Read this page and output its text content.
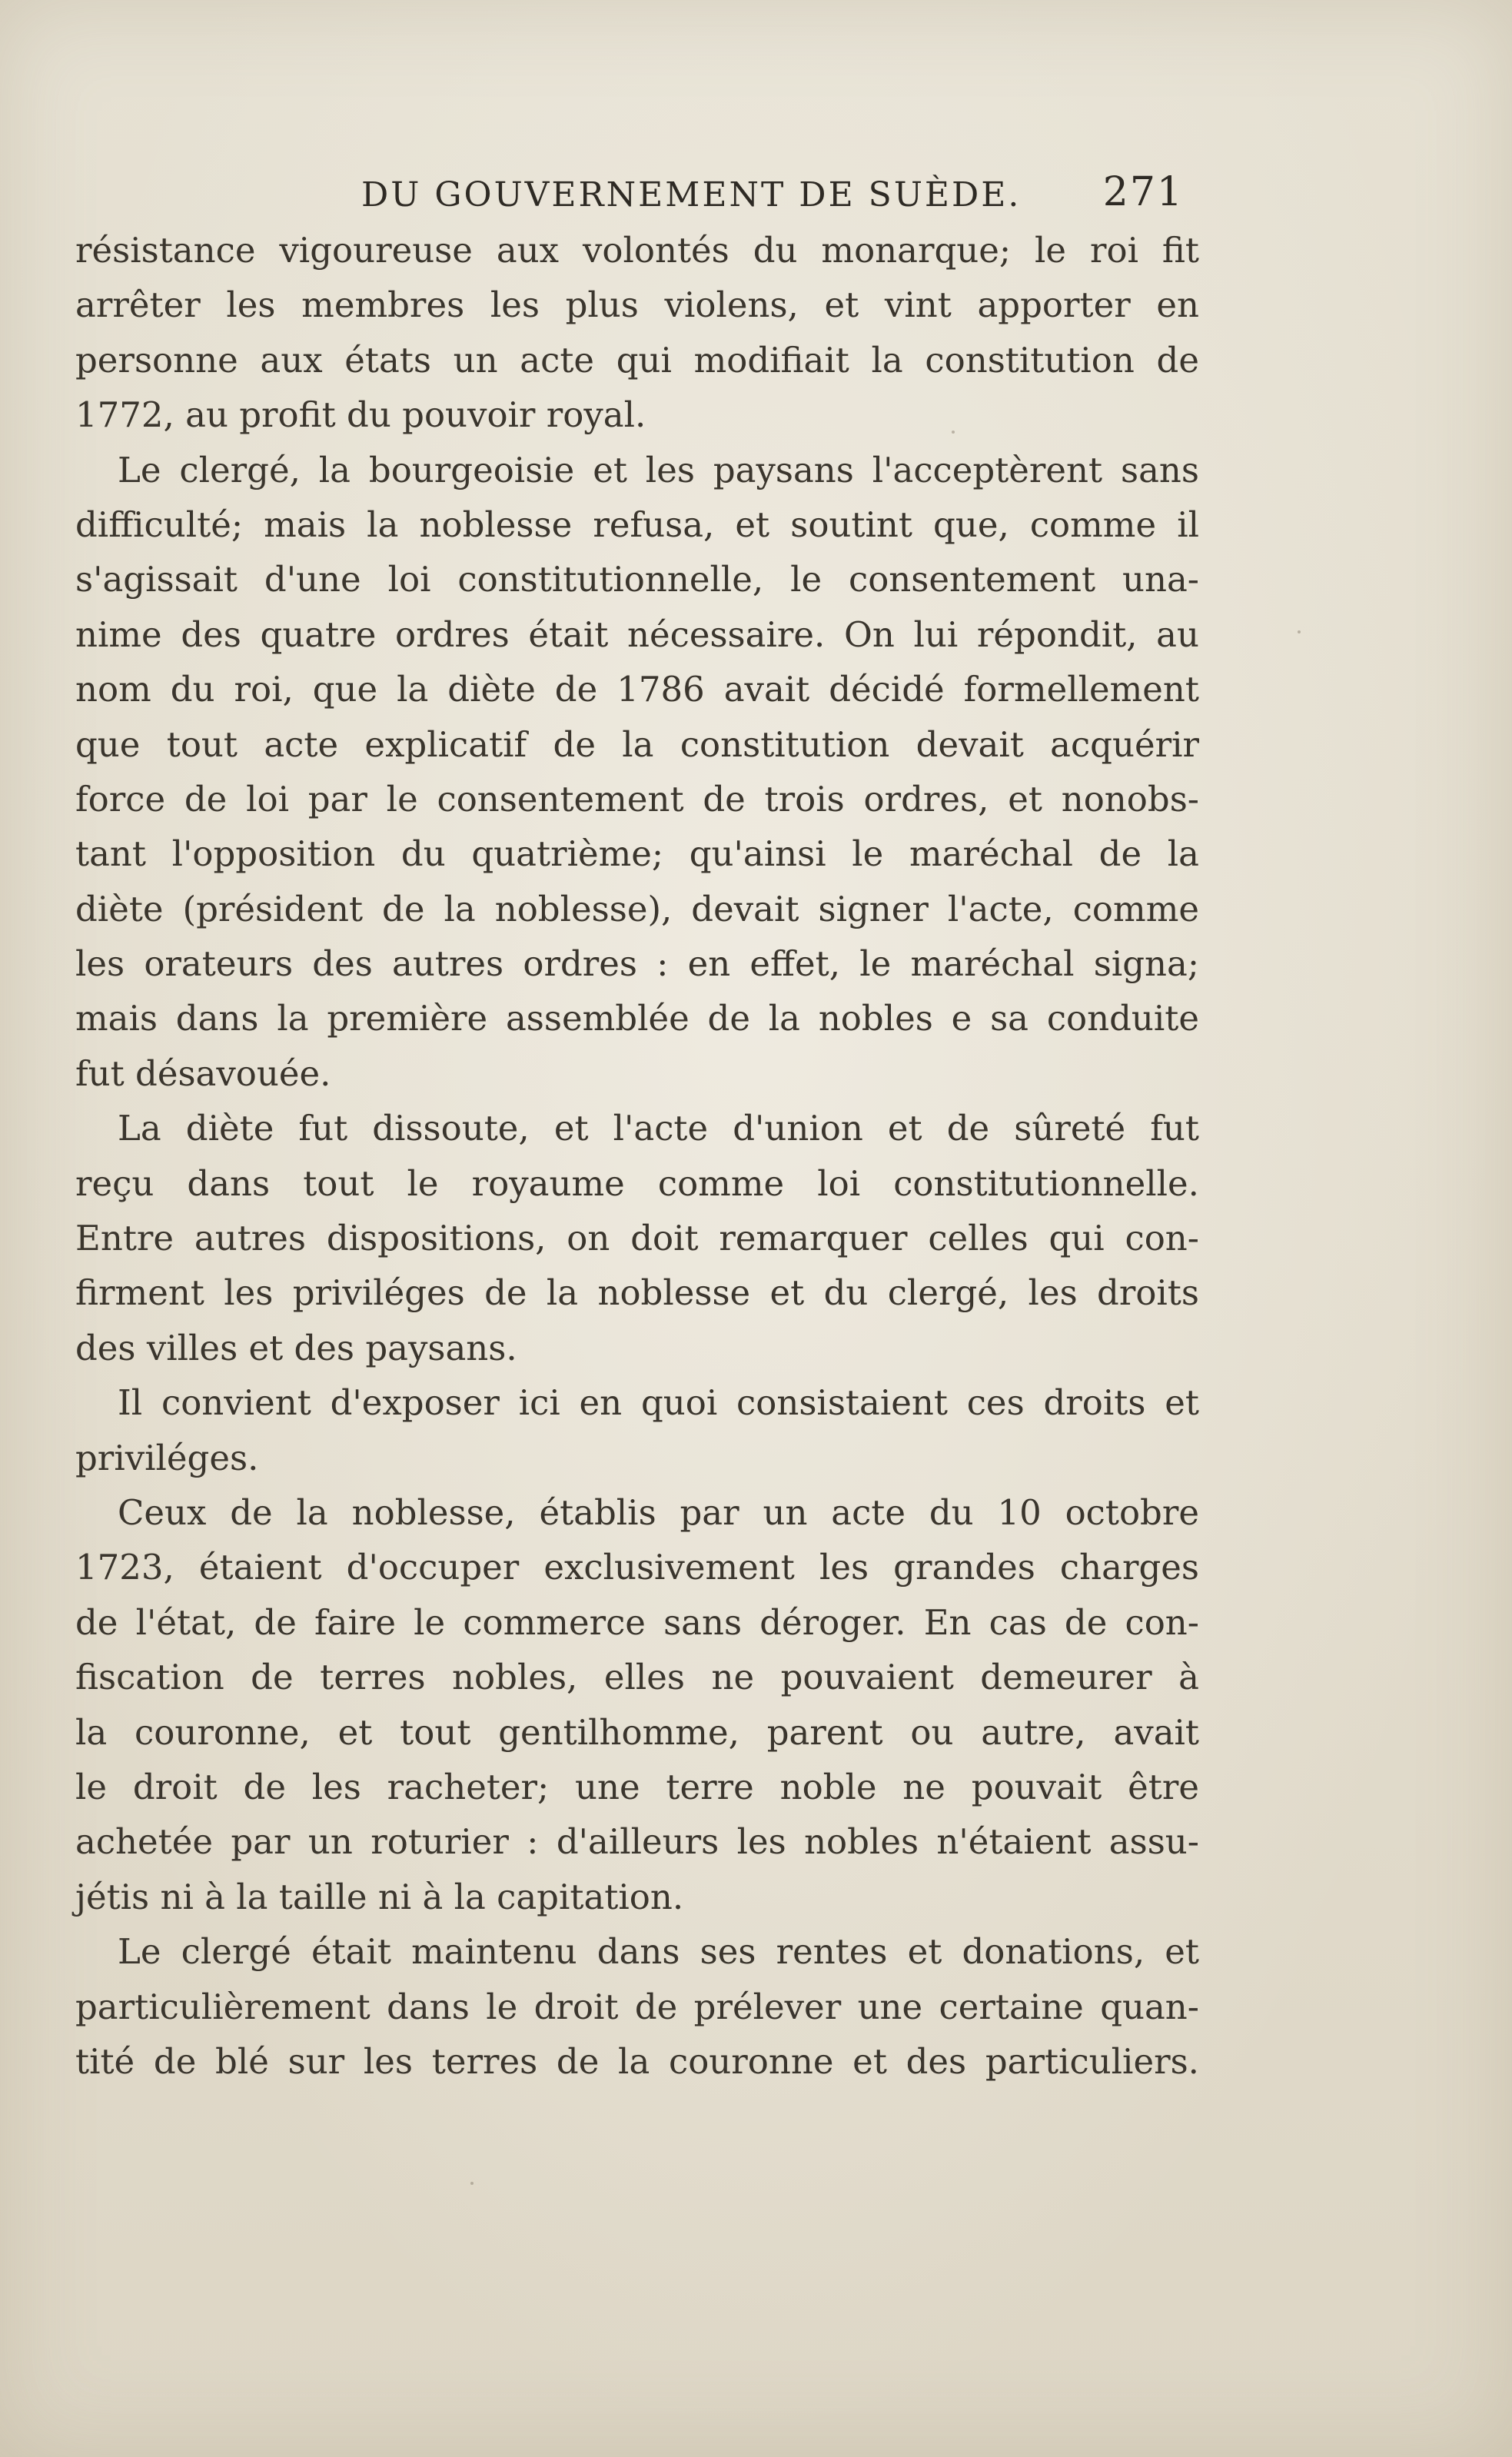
DU GOUVERNEMENT DE SUÈDE. 271
résistance vigoureuse aux volontés du monarque; le roi fit
arrêter les membres les plus violens, et vint apporter en
personne aux états un acte qui modifiait la constitution de
1772, au profit du pouvoir royal.
Le clergé, la bourgeoisie et les paysans l'acceptèrent sans
difficulté; mais la noblesse refusa, et soutint que, comme il
s'agissait d'une loi constitutionnelle, le consentement una-
nime des quatre ordres était nécessaire. On lui répondit, au
nom du roi, que la diète de 1786 avait décidé formellement
que tout acte explicatif de la constitution devait acquérir
force de loi par le consentement de trois ordres, et nonobs-
tant l'opposition du quatrième; qu'ainsi le maréchal de la
diète (président de la noblesse), devait signer l'acte, comme
les orateurs des autres ordres : en effet, le maréchal signa;
mais dans la première assemblée de la nobles e sa conduite
fut désavouée.
La diète fut dissoute, et l'acte d'union et de sûreté fut
reçu dans tout le royaume comme loi constitutionnelle.
Entre autres dispositions, on doit remarquer celles qui con-
firment les priviléges de la noblesse et du clergé, les droits
des villes et des paysans.
Il convient d'exposer ici en quoi consistaient ces droits et
priviléges.
Ceux de la noblesse, établis par un acte du 10 octobre
1723, étaient d'occuper exclusivement les grandes charges
de l'état, de faire le commerce sans déroger. En cas de con-
fiscation de terres nobles, elles ne pouvaient demeurer à
la couronne, et tout gentilhomme, parent ou autre, avait
le droit de les racheter; une terre noble ne pouvait être
achetée par un roturier : d'ailleurs les nobles n'étaient assu-
jétis ni à la taille ni à la capitation.
Le clergé était maintenu dans ses rentes et donations, et
particulièrement dans le droit de prélever une certaine quan-
tité de blé sur les terres de la couronne et des particuliers.
